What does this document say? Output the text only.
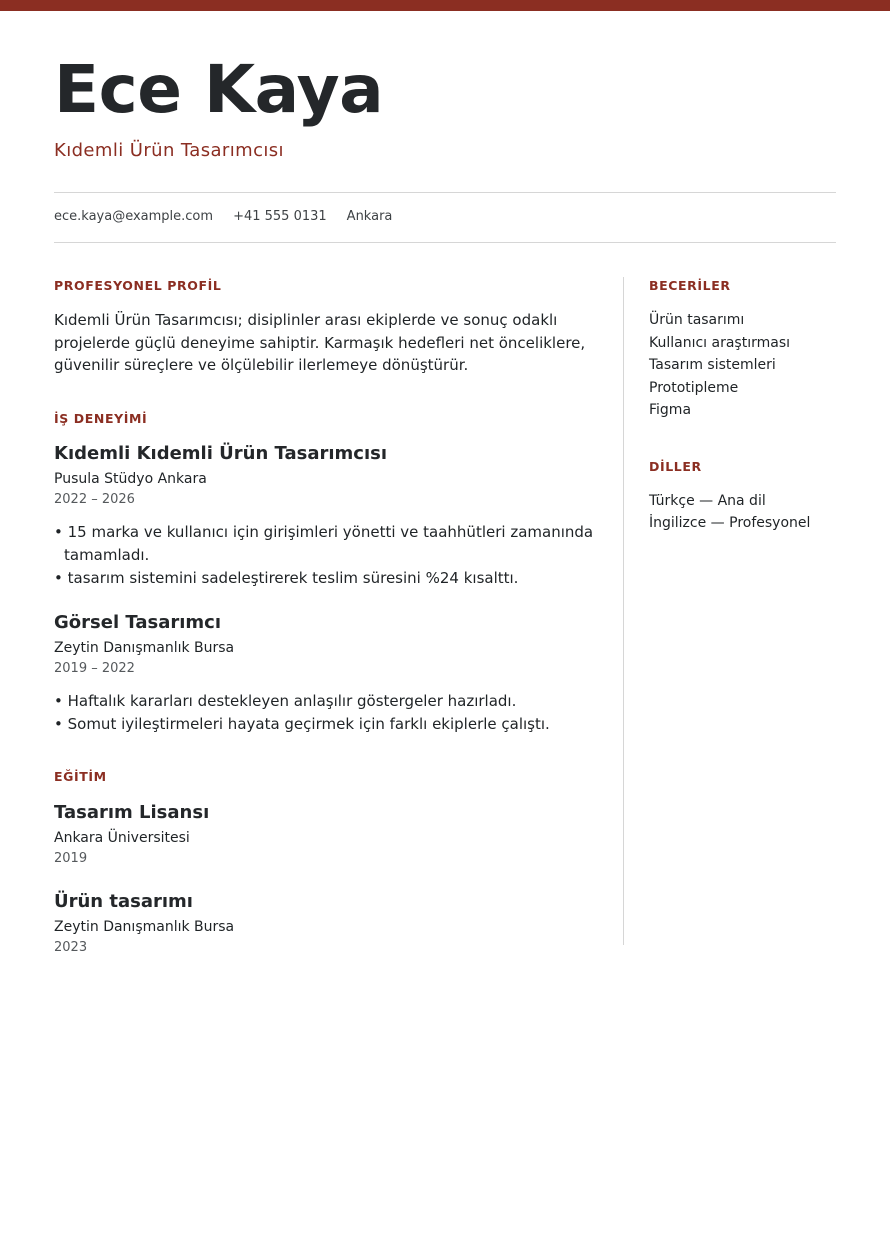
Ece Kaya
Kıdemli Ürün Tasarımcısı
ece.kaya@example.com +41 555 0131 Ankara
PROFESYONEL PROFİL
Kıdemli Ürün Tasarımcısı; disiplinler arası ekiplerde ve sonuç odaklı projelerde güçlü deneyime sahiptir. Karmaşık hedefleri net önceliklere, güvenilir süreçlere ve ölçülebilir ilerlemeye dönüştürür.
İŞ DENEYİMİ
Kıdemli Kıdemli Ürün Tasarımcısı
Pusula Stüdyo Ankara
2022 – 2026
• 15 marka ve kullanıcı için girişimleri yönetti ve taahhütleri zamanında tamamladı.
• tasarım sistemini sadeleştirerek teslim süresini %24 kısalttı.
Görsel Tasarımcı
Zeytin Danışmanlık Bursa
2019 – 2022
• Haftalık kararları destekleyen anlaşılır göstergeler hazırladı.
• Somut iyileştirmeleri hayata geçirmek için farklı ekiplerle çalıştı.
EĞİTİM
Tasarım Lisansı
Ankara Üniversitesi
2019
Ürün tasarımı
Zeytin Danışmanlık Bursa
2023
BECERİLER
Ürün tasarımı
Kullanıcı araştırması
Tasarım sistemleri
Prototipleme
Figma
DİLLER
Türkçe — Ana dil
İngilizce — Profesyonel
